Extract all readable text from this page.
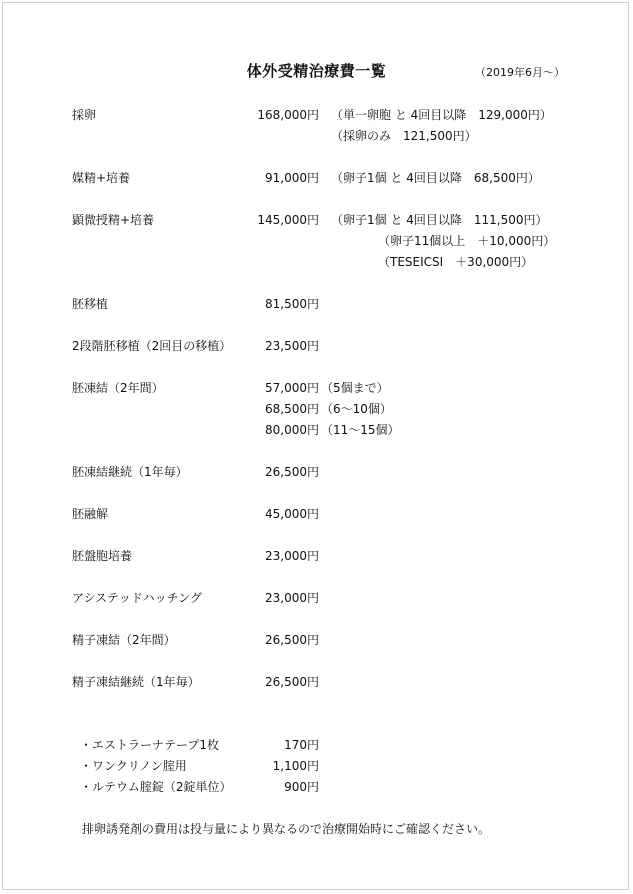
体外受精治療費一覧	（2019年6月～）
採卵	168,000円 （単一卵胞 と 4回目以降　129,000円）
（採卵のみ　121,500円）
媒精+培養	91,000円 （卵子1個 と 4回目以降　68,500円）
顕微授精+培養	145,000円 （卵子1個 と 4回目以降　111,500円）
（卵子11個以上　＋10,000円）
（TESEICSI　＋30,000円）
胚移植	81,500円
2段階胚移植（2回目の移植）	23,500円
胚凍結（2年間）	57,000円 （5個まで）
68,500円 （6～10個）
80,000円 （11～15個）
胚凍結継続（1年毎）	26,500円
胚融解	45,000円
胚盤胞培養	23,000円
アシステッドハッチング	23,000円
精子凍結（2年間）	26,500円
精子凍結継続（1年毎）	26,500円
・エストラーナテープ1枚	170円
・ワンクリノン腟用	1,100円
・ルテウム腟錠（2錠単位）	900円
排卵誘発剤の費用は投与量により異なるので治療開始時にご確認ください。
